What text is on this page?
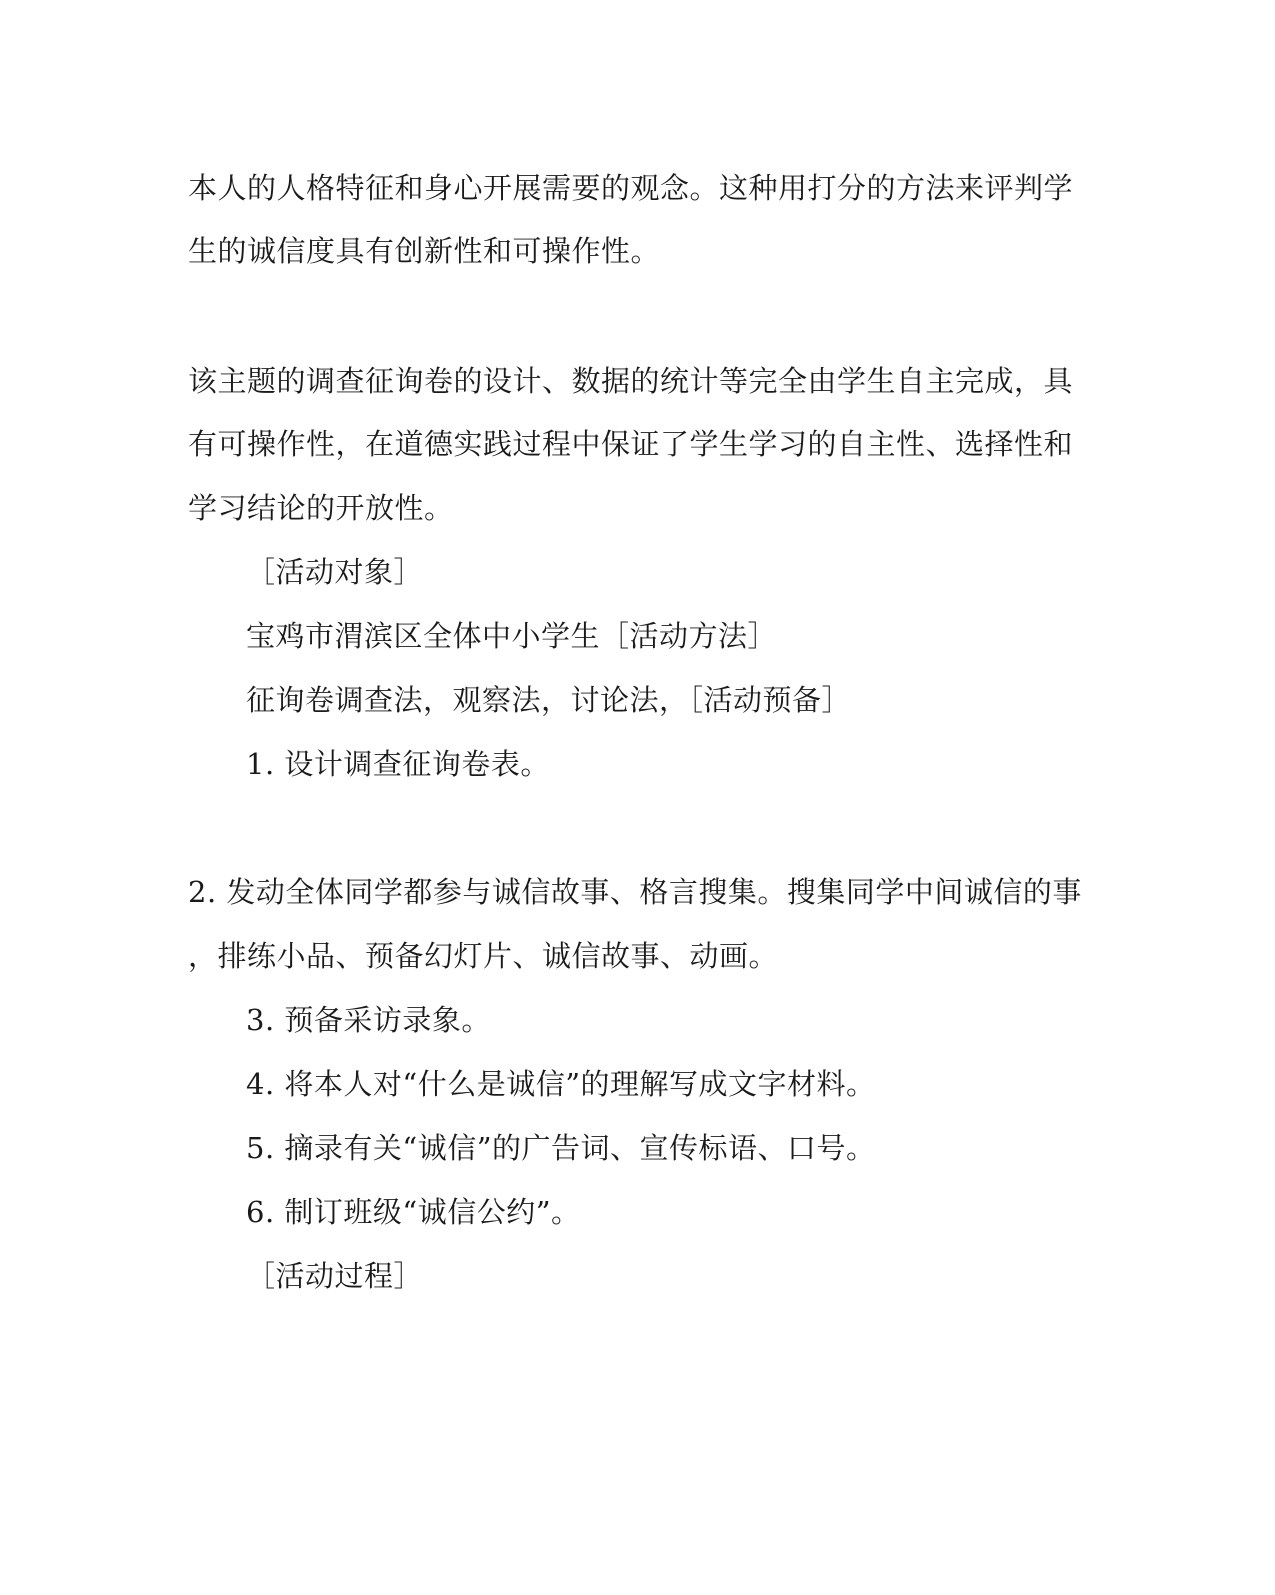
本人的人格特征和身心开展需要的观念。这种用打分的方法来评判学
生的诚信度具有创新性和可操作性。
该主题的调查征询卷的设计、数据的统计等完全由学生自主完成，具
有可操作性，在道德实践过程中保证了学生学习的自主性、选择性和
学习结论的开放性。
［活动对象］
宝鸡市渭滨区全体中小学生［活动方法］
征询卷调查法，观察法，讨论法，［活动预备］
1. 设计调查征询卷表。
2. 发动全体同学都参与诚信故事、格言搜集。搜集同学中间诚信的事
，排练小品、预备幻灯片、诚信故事、动画。
3. 预备采访录象。
4. 将本人对“什么是诚信”的理解写成文字材料。
5. 摘录有关“诚信”的广告词、宣传标语、口号。
6. 制订班级“诚信公约”。
［活动过程］
